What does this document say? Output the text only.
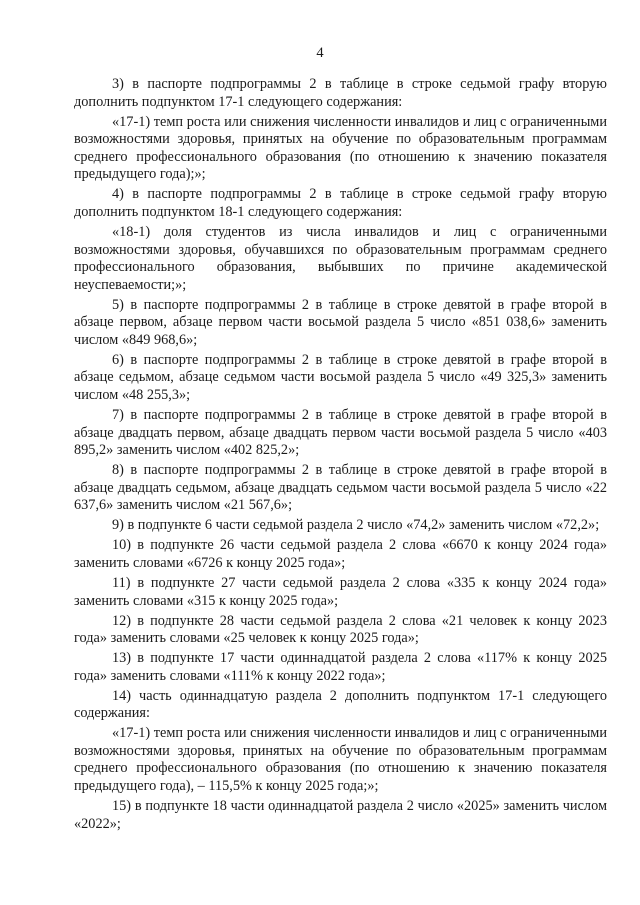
4

3) в паспорте подпрограммы 2 в таблице в строке седьмой графу вторую дополнить подпунктом 17-1 следующего содержания:

«17-1) темп роста или снижения численности инвалидов и лиц с ограниченными возможностями здоровья, принятых на обучение по образовательным программам среднего профессионального образования (по отношению к значению показателя предыдущего года);»;

4) в паспорте подпрограммы 2 в таблице в строке седьмой графу вторую дополнить подпунктом 18-1 следующего содержания:

«18-1) доля студентов из числа инвалидов и лиц с ограниченными возможностями здоровья, обучавшихся по образовательным программам среднего профессионального образования, выбывших по причине академической неуспеваемости;»;

5) в паспорте подпрограммы 2 в таблице в строке девятой в графе второй в абзаце первом, абзаце первом части восьмой раздела 5 число «851 038,6» заменить числом «849 968,6»;

6) в паспорте подпрограммы 2 в таблице в строке девятой в графе второй в абзаце седьмом, абзаце седьмом части восьмой раздела 5 число «49 325,3» заменить числом «48 255,3»;

7) в паспорте подпрограммы 2 в таблице в строке девятой в графе второй в абзаце двадцать первом, абзаце двадцать первом части восьмой раздела 5 число «403 895,2» заменить числом «402 825,2»;

8) в паспорте подпрограммы 2 в таблице в строке девятой в графе второй в абзаце двадцать седьмом, абзаце двадцать седьмом части восьмой раздела 5 число «22 637,6» заменить числом «21 567,6»;

9) в подпункте 6 части седьмой раздела 2 число «74,2» заменить числом «72,2»;

10) в подпункте 26 части седьмой раздела 2 слова «6670 к концу 2024 года» заменить словами «6726 к концу 2025 года»;

11) в подпункте 27 части седьмой раздела 2 слова «335 к концу 2024 года» заменить словами «315 к концу 2025 года»;

12) в подпункте 28 части седьмой раздела 2 слова «21 человек к концу 2023 года» заменить словами «25 человек к концу 2025 года»;

13) в подпункте 17 части одиннадцатой раздела 2 слова «117% к концу 2025 года» заменить словами «111% к концу 2022 года»;

14) часть одиннадцатую раздела 2 дополнить подпунктом 17-1 следующего содержания:

«17-1) темп роста или снижения численности инвалидов и лиц с ограниченными возможностями здоровья, принятых на обучение по образовательным программам среднего профессионального образования (по отношению к значению показателя предыдущего года), – 115,5% к концу 2025 года;»;

15) в подпункте 18 части одиннадцатой раздела 2 число «2025» заменить числом «2022»;
